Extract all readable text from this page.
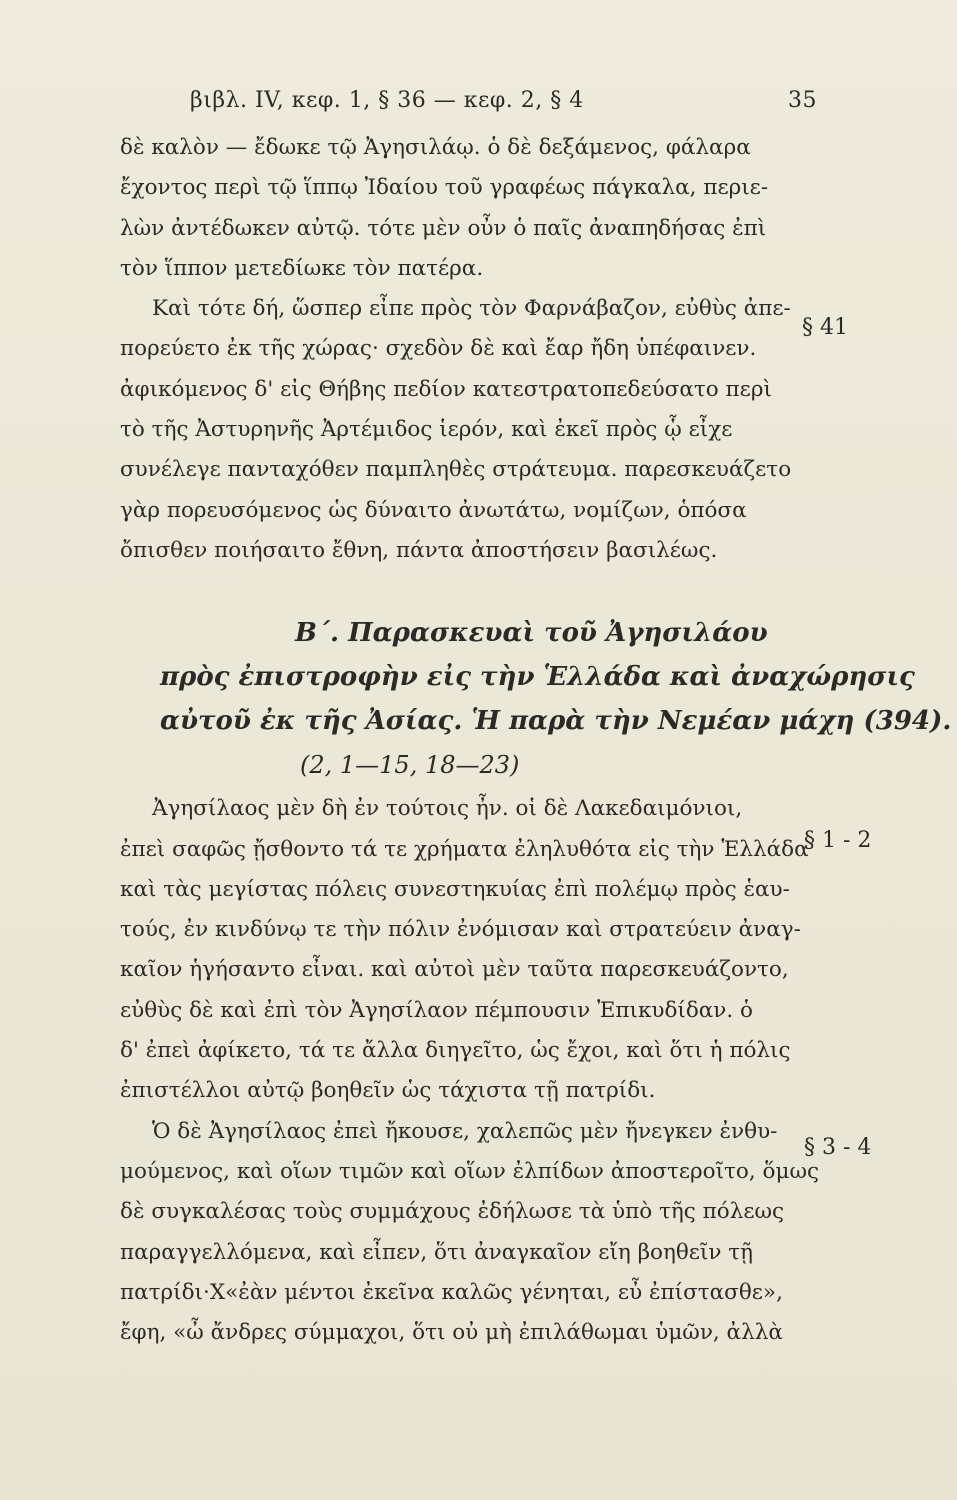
βιβλ. IV, κεφ. 1, § 36 — κεφ. 2, § 4	35
§ 41
§ 1 - 2
§ 3 - 4
δὲ καλὸν — ἔδωκε τῷ Ἀγησιλάῳ. ὁ δὲ δεξάμενος, φάλαρα
ἔχοντος περὶ τῷ ἵππῳ Ἰδαίου τοῦ γραφέως πάγκαλα, περιε-
λὼν ἀντέδωκεν αὐτῷ. τότε μὲν οὖν ὁ παῖς ἀναπηδήσας ἐπὶ
τὸν ἵππον μετεδίωκε τὸν πατέρα.
Καὶ τότε δή, ὥσπερ εἶπε πρὸς τὸν Φαρνάβαζον, εὐθὺς ἀπε-
πορεύετο ἐκ τῆς χώρας· σχεδὸν δὲ καὶ ἔαρ ἤδη ὑπέφαινεν.
ἀφικόμενος δ' εἰς Θήβης πεδίον κατεστρατοπεδεύσατο περὶ
τὸ τῆς Ἀστυρηνῆς Ἀρτέμιδος ἱερόν, καὶ ἐκεῖ πρὸς ᾧ εἶχε
συνέλεγε πανταχόθεν παμπληθὲς στράτευμα. παρεσκευάζετο
γὰρ πορευσόμενος ὡς δύναιτο ἀνωτάτω, νομίζων, ὁπόσα
ὄπισθεν ποιήσαιτο ἔθνη, πάντα ἀποστήσειν βασιλέως.
Β΄. Παρασκευαὶ τοῦ Ἀγησιλάου
πρὸς ἐπιστροφὴν εἰς τὴν Ἑλλάδα καὶ ἀναχώρησις
αὐτοῦ ἐκ τῆς Ἀσίας. Ἡ παρὰ τὴν Νεμέαν μάχη (394).
(2, 1—15, 18—23)
Ἀγησίλαος μὲν δὴ ἐν τούτοις ἦν. οἱ δὲ Λακεδαιμόνιοι,
ἐπεὶ σαφῶς ᾔσθοντο τά τε χρήματα ἐληλυθότα εἰς τὴν Ἑλλάδα
καὶ τὰς μεγίστας πόλεις συνεστηκυίας ἐπὶ πολέμῳ πρὸς ἑαυ-
τούς, ἐν κινδύνῳ τε τὴν πόλιν ἐνόμισαν καὶ στρατεύειν ἀναγ-
καῖον ἡγήσαντο εἶναι. καὶ αὐτοὶ μὲν ταῦτα παρεσκευάζοντο,
εὐθὺς δὲ καὶ ἐπὶ τὸν Ἀγησίλαον πέμπουσιν Ἐπικυδίδαν. ὁ
δ' ἐπεὶ ἀφίκετο, τά τε ἄλλα διηγεῖτο, ὡς ἔχοι, καὶ ὅτι ἡ πόλις
ἐπιστέλλοι αὐτῷ βοηθεῖν ὡς τάχιστα τῇ πατρίδι.
Ὁ δὲ Ἀγησίλαος ἐπεὶ ἤκουσε, χαλεπῶς μὲν ἤνεγκεν ἐνθυ-
μούμενος, καὶ οἵων τιμῶν καὶ οἵων ἐλπίδων ἀποστεροῖτο, ὅμως
δὲ συγκαλέσας τοὺς συμμάχους ἐδήλωσε τὰ ὑπὸ τῆς πόλεως
παραγγελλόμενα, καὶ εἶπεν, ὅτι ἀναγκαῖον εἴη βοηθεῖν τῇ
πατρίδι·X«ἐὰν μέντοι ἐκεῖνα καλῶς γένηται, εὖ ἐπίστασθε»,
ἔφη, «ὦ ἄνδρες σύμμαχοι, ὅτι οὐ μὴ ἐπιλάθωμαι ὑμῶν, ἀλλὰ
